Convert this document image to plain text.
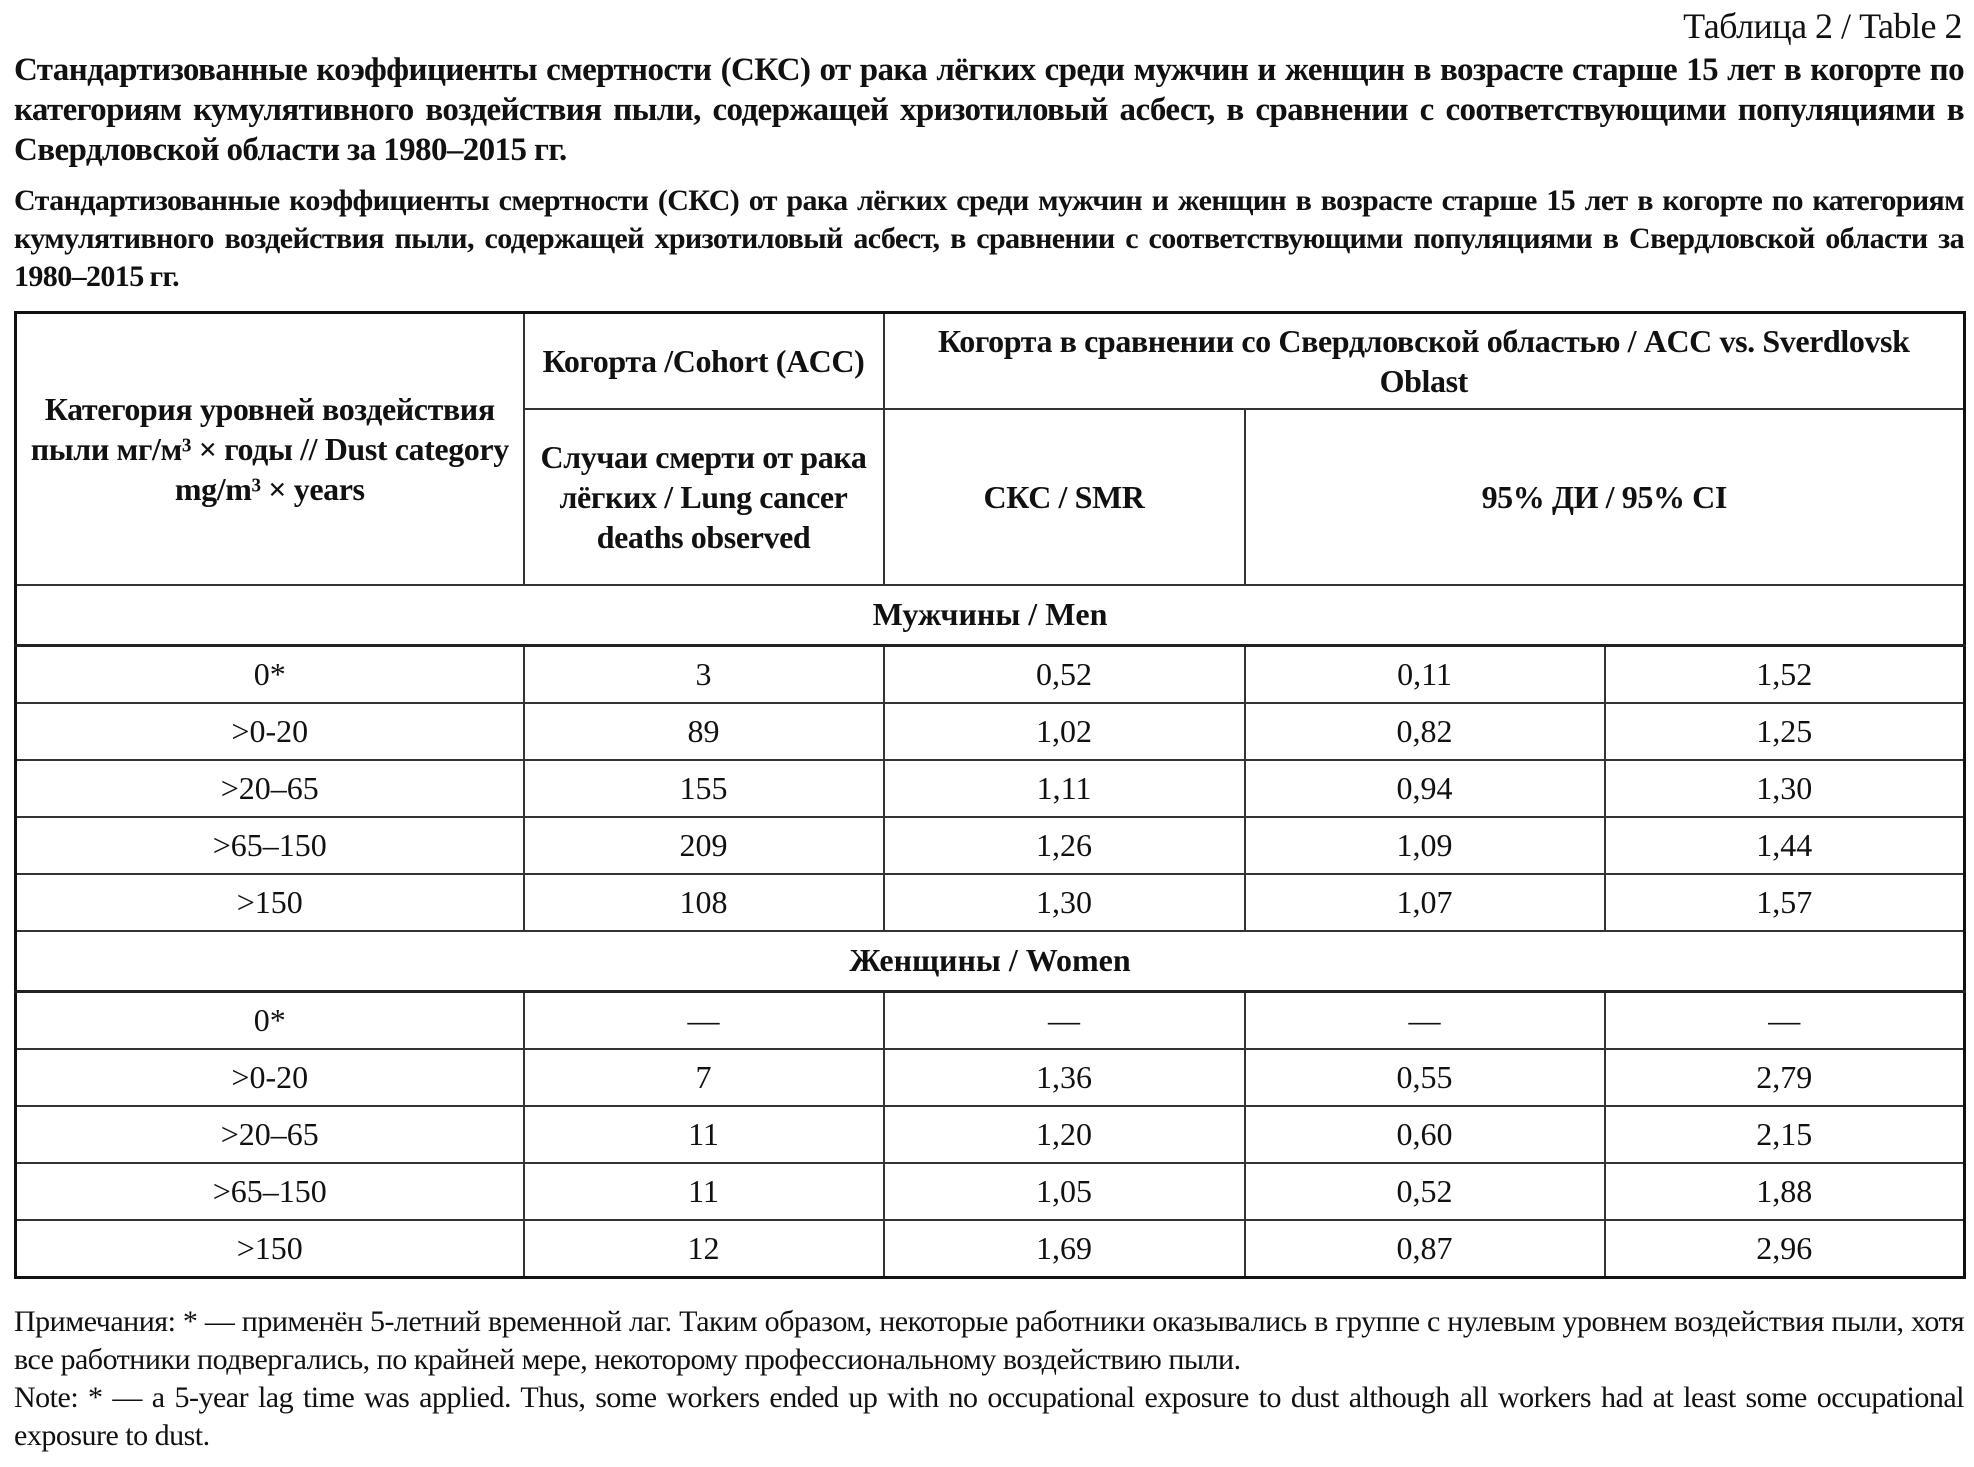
Таблица 2 / Table 2
Стандартизованные коэффициенты смертности (СКС) от рака лёгких среди мужчин и женщин в возрасте старше 15 лет в когорте по категориям кумулятивного воздействия пыли, содержащей хризотиловый асбест, в сравнении с соответствующими популяциями в Свердловской области за 1980–2015 гг.
Стандартизованные коэффициенты смертности (СКС) от рака лёгких среди мужчин и женщин в возрасте старше 15 лет в когорте по категориям кумулятивного воздействия пыли, содержащей хризотиловый асбест, в сравнении с соответствующими популяциями в Свердловской области за 1980–2015 гг.
Категория уровней воздействия пыли мг/м³ × годы // Dust category mg/m³ × years	Когорта /Cohort (ACC)	Когорта в сравнении со Свердловской областью / ACC vs. Sverdlovsk Oblast		
	Случаи смерти от рака лёгких / Lung cancer deaths observed	СКС / SMR	95% ДИ / 95% CI	
Мужчины / Men				
0*	3	0,52	0,11	1,52
>0-20	89	1,02	0,82	1,25
>20–65	155	1,11	0,94	1,30
>65–150	209	1,26	1,09	1,44
>150	108	1,30	1,07	1,57
Женщины / Women				
0*	—	—	—	—
>0-20	7	1,36	0,55	2,79
>20–65	11	1,20	0,60	2,15
>65–150	11	1,05	0,52	1,88
>150	12	1,69	0,87	2,96

Примечания: * — применён 5-летний временной лаг. Таким образом, некоторые работники оказывались в группе с нулевым уровнем воздействия пыли, хотя все работники подвергались, по крайней мере, некоторому профессиональному воздействию пыли.

Note: * — a 5-year lag time was applied. Thus, some workers ended up with no occupational exposure to dust although all workers had at least some occupational exposure to dust.
